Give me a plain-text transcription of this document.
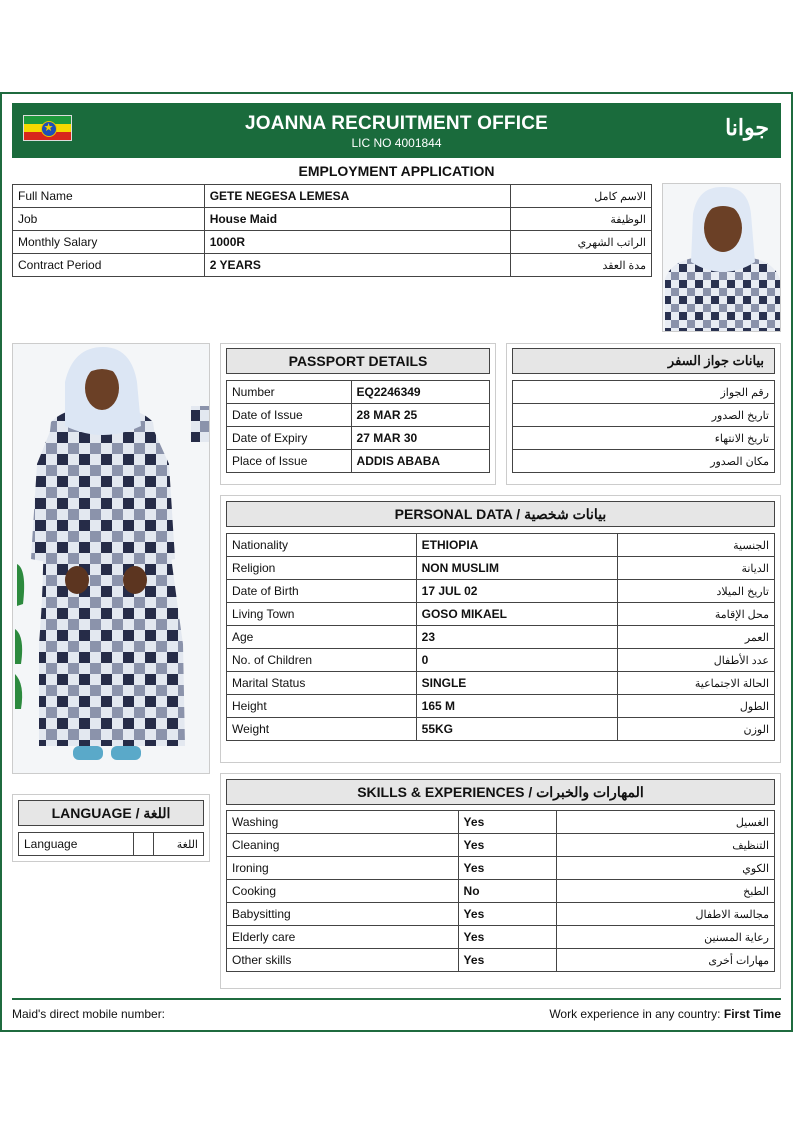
JOANNA RECRUITMENT OFFICE
LIC NO 4001844
جوانا
★
EMPLOYMENT APPLICATION
Full Name	GETE NEGESA LEMESA	الاسم كامل
Job	House Maid	الوظيفة
Monthly Salary	1000R	الراتب الشهري
Contract Period	2 YEARS	مدة العقد
PASSPORT DETAILS
Number	EQ2246349
Date of Issue	28 MAR 25
Date of Expiry	27 MAR 30
Place of Issue	ADDIS ABABA
بيانات جواز السفر
رقم الجواز
تاريخ الصدور
تاريخ الانتهاء
مكان الصدور
PERSONAL DATA / بيانات شخصية
Nationality	ETHIOPIA	الجنسية
Religion	NON MUSLIM	الديانة
Date of Birth	17 JUL 02	تاريخ الميلاد
Living Town	GOSO MIKAEL	محل الإقامة
Age	23	العمر
No. of Children	0	عدد الأطفال
Marital Status	SINGLE	الحالة الاجتماعية
Height	165 M	الطول
Weight	55KG	الوزن
SKILLS & EXPERIENCES / المهارات والخبرات
Washing	Yes	الغسيل
Cleaning	Yes	التنظيف
Ironing	Yes	الكوي
Cooking	No	الطبخ
Babysitting	Yes	مجالسة الاطفال
Elderly care	Yes	رعاية المسنين
Other skills	Yes	مهارات أخرى
LANGUAGE / اللغة
Language		اللغة
Maid's direct mobile number:	Work experience in any country: First Time
